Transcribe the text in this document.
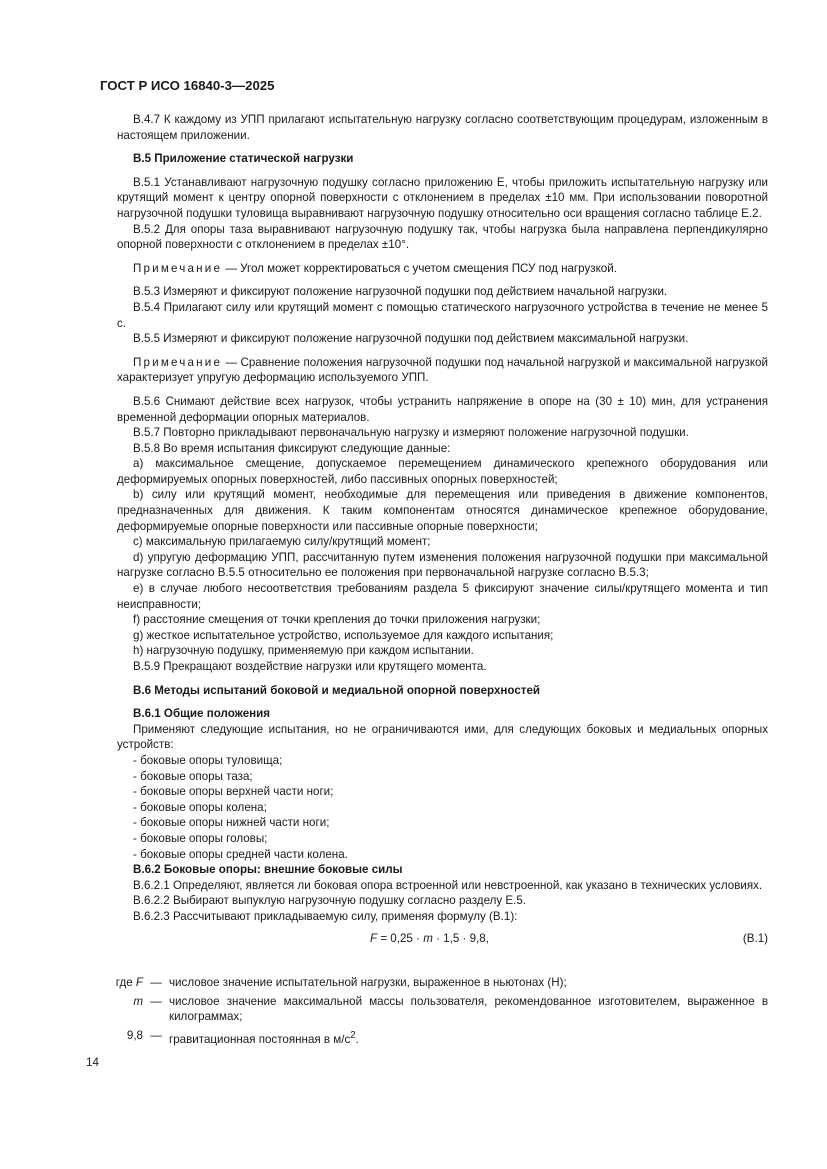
ГОСТ Р ИСО 16840-3—2025

В.4.7 К каждому из УПП прилагают испытательную нагрузку согласно соответствующим процедурам, изложенным в настоящем приложении.

В.5 Приложение статической нагрузки

В.5.1 Устанавливают нагрузочную подушку согласно приложению Е, чтобы приложить испытательную нагрузку или крутящий момент к центру опорной поверхности с отклонением в пределах ±10 мм. При использовании поворотной нагрузочной подушки туловища выравнивают нагрузочную подушку относительно оси вращения согласно таблице Е.2.

В.5.2 Для опоры таза выравнивают нагрузочную подушку так, чтобы нагрузка была направлена перпендикулярно опорной поверхности с отклонением в пределах ±10°.

Примечание — Угол может корректироваться с учетом смещения ПСУ под нагрузкой.

В.5.3 Измеряют и фиксируют положение нагрузочной подушки под действием начальной нагрузки.

В.5.4 Прилагают силу или крутящий момент с помощью статического нагрузочного устройства в течение не менее 5 с.

В.5.5 Измеряют и фиксируют положение нагрузочной подушки под действием максимальной нагрузки.

Примечание — Сравнение положения нагрузочной подушки под начальной нагрузкой и максимальной нагрузкой характеризует упругую деформацию используемого УПП.

В.5.6 Снимают действие всех нагрузок, чтобы устранить напряжение в опоре на (30 ± 10) мин, для устранения временной деформации опорных материалов.

В.5.7 Повторно прикладывают первоначальную нагрузку и измеряют положение нагрузочной подушки.

В.5.8 Во время испытания фиксируют следующие данные:

а) максимальное смещение, допускаемое перемещением динамического крепежного оборудования или деформируемых опорных поверхностей, либо пассивных опорных поверхностей;
b) силу или крутящий момент, необходимые для перемещения или приведения в движение компонентов, предназначенных для движения. К таким компонентам относятся динамическое крепежное оборудование, деформируемые опорные поверхности или пассивные опорные поверхности;
c) максимальную прилагаемую силу/крутящий момент;
d) упругую деформацию УПП, рассчитанную путем изменения положения нагрузочной подушки при максимальной нагрузке согласно В.5.5 относительно ее положения при первоначальной нагрузке согласно В.5.3;
e) в случае любого несоответствия требованиям раздела 5 фиксируют значение силы/крутящего момента и тип неисправности;
f) расстояние смещения от точки крепления до точки приложения нагрузки;
g) жесткое испытательное устройство, используемое для каждого испытания;
h) нагрузочную подушку, применяемую при каждом испытании.

В.5.9 Прекращают воздействие нагрузки или крутящего момента.

В.6 Методы испытаний боковой и медиальной опорной поверхностей

В.6.1 Общие положения

Применяют следующие испытания, но не ограничиваются ими, для следующих боковых и медиальных опорных устройств:

- боковые опоры туловища;
- боковые опоры таза;
- боковые опоры верхней части ноги;
- боковые опоры колена;
- боковые опоры нижней части ноги;
- боковые опоры головы;
- боковые опоры средней части колена.

В.6.2 Боковые опоры: внешние боковые силы

В.6.2.1 Определяют, является ли боковая опора встроенной или невстроенной, как указано в технических условиях.

В.6.2.2 Выбирают выпуклую нагрузочную подушку согласно разделу Е.5.

В.6.2.3 Рассчитывают прикладываемую силу, применяя формулу (В.1):

F = 0,25 · m · 1,5 · 9,8,	(В.1)
где F — числовое значение испытательной нагрузки, выраженное в ньютонах (Н);
m — числовое значение максимальной массы пользователя, рекомендованное изготовителем, выраженное в килограммах;
9,8 — гравитационная постоянная в $м/с^2$.
14
